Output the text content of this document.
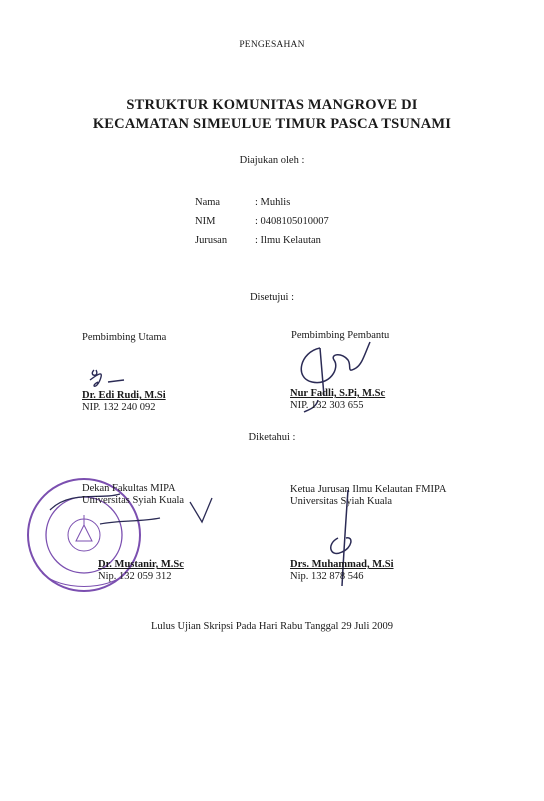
PENGESAHAN
STRUKTUR KOMUNITAS MANGROVE DI
KECAMATAN SIMEULUE TIMUR PASCA TSUNAMI
Diajukan oleh :
Nama	: Muhlis
NIM	: 0408105010007
Jurusan	: Ilmu Kelautan
Disetujui :
Pembimbing Utama
Dr. Edi Rudi, M.Si
NIP. 132 240 092
Pembimbing Pembantu
Nur Fadli, S.Pi, M.Sc
NIP. 132 303 655
Diketahui :
Dekan Fakultas MIPA
Universitas Syiah Kuala
Dr. Mustanir, M.Sc
Nip. 132 059 312
Ketua Jurusan Ilmu Kelautan FMIPA
Universitas Syiah Kuala
Drs. Muhammad, M.Si
Nip. 132 878 546
Lulus Ujian Skripsi Pada Hari Rabu Tanggal 29 Juli 2009
